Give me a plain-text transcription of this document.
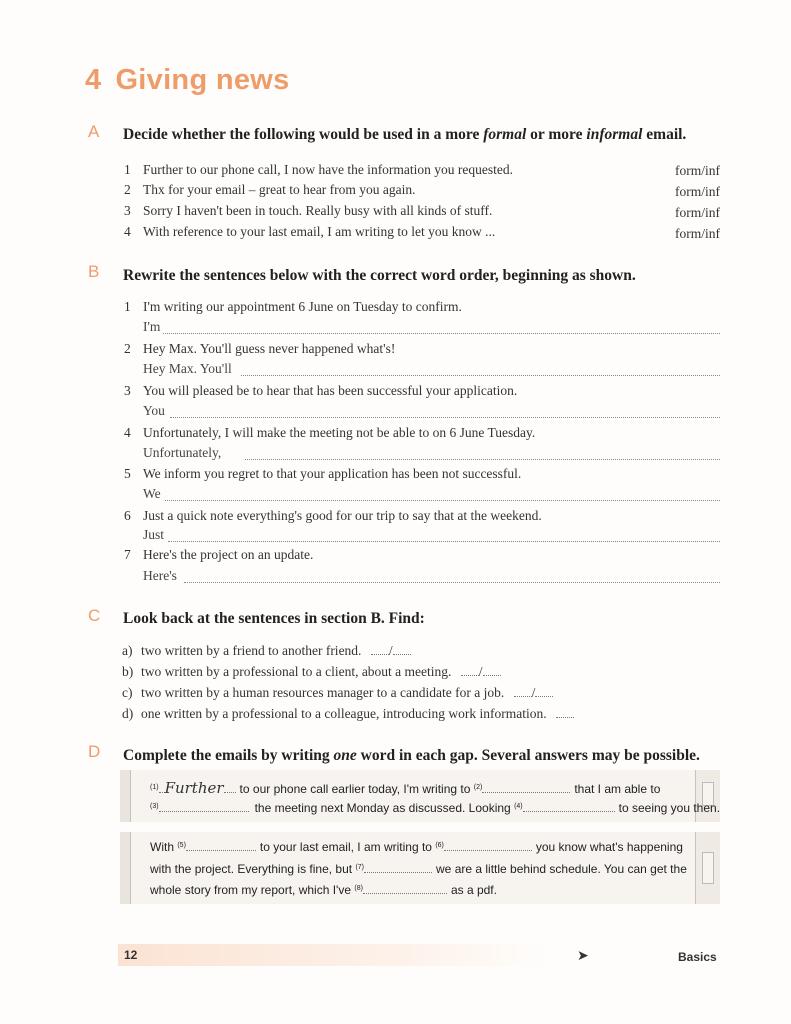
4 Giving news
A Decide whether the following would be used in a more formal or more informal email.
1 Further to our phone call, I now have the information you requested.	form/inf
2 Thx for your email – great to hear from you again.	form/inf
3 Sorry I haven't been in touch. Really busy with all kinds of stuff.	form/inf
4 With reference to your last email, I am writing to let you know ...	form/inf
B Rewrite the sentences below with the correct word order, beginning as shown.
1 I'm writing our appointment 6 June on Tuesday to confirm.
I'm
2 Hey Max. You'll guess never happened what's!
Hey Max. You'll
3 You will pleased be to hear that has been successful your application.
You
4 Unfortunately, I will make the meeting not be able to on 6 June Tuesday.
Unfortunately,
5 We inform you regret to that your application has been not successful.
We
6 Just a quick note everything's good for our trip to say that at the weekend.
Just
7 Here's the project on an update.
Here's
C Look back at the sentences in section B. Find:
a) two written by a friend to another friend. /
b) two written by a professional to a client, about a meeting. /
c) two written by a human resources manager to a candidate for a job. /
d) one written by a professional to a colleague, introducing work information.
D Complete the emails by writing one word in each gap. Several answers may be possible.
$^{(1)}$ Further to our phone call earlier today, I'm writing to $^{(2)}$	that I am able to
$^{(3)}$	the meeting next Monday as discussed. Looking $^{(4)}$	to seeing you then.
With $^{(5)}$	to your last email, I am writing to $^{(6)}$	you know what's happening
with the project. Everything is fine, but $^{(7)}$	we are a little behind schedule. You can get the
whole story from my report, which I've $^{(8)}$	as a pdf.
12	➤	Basics
